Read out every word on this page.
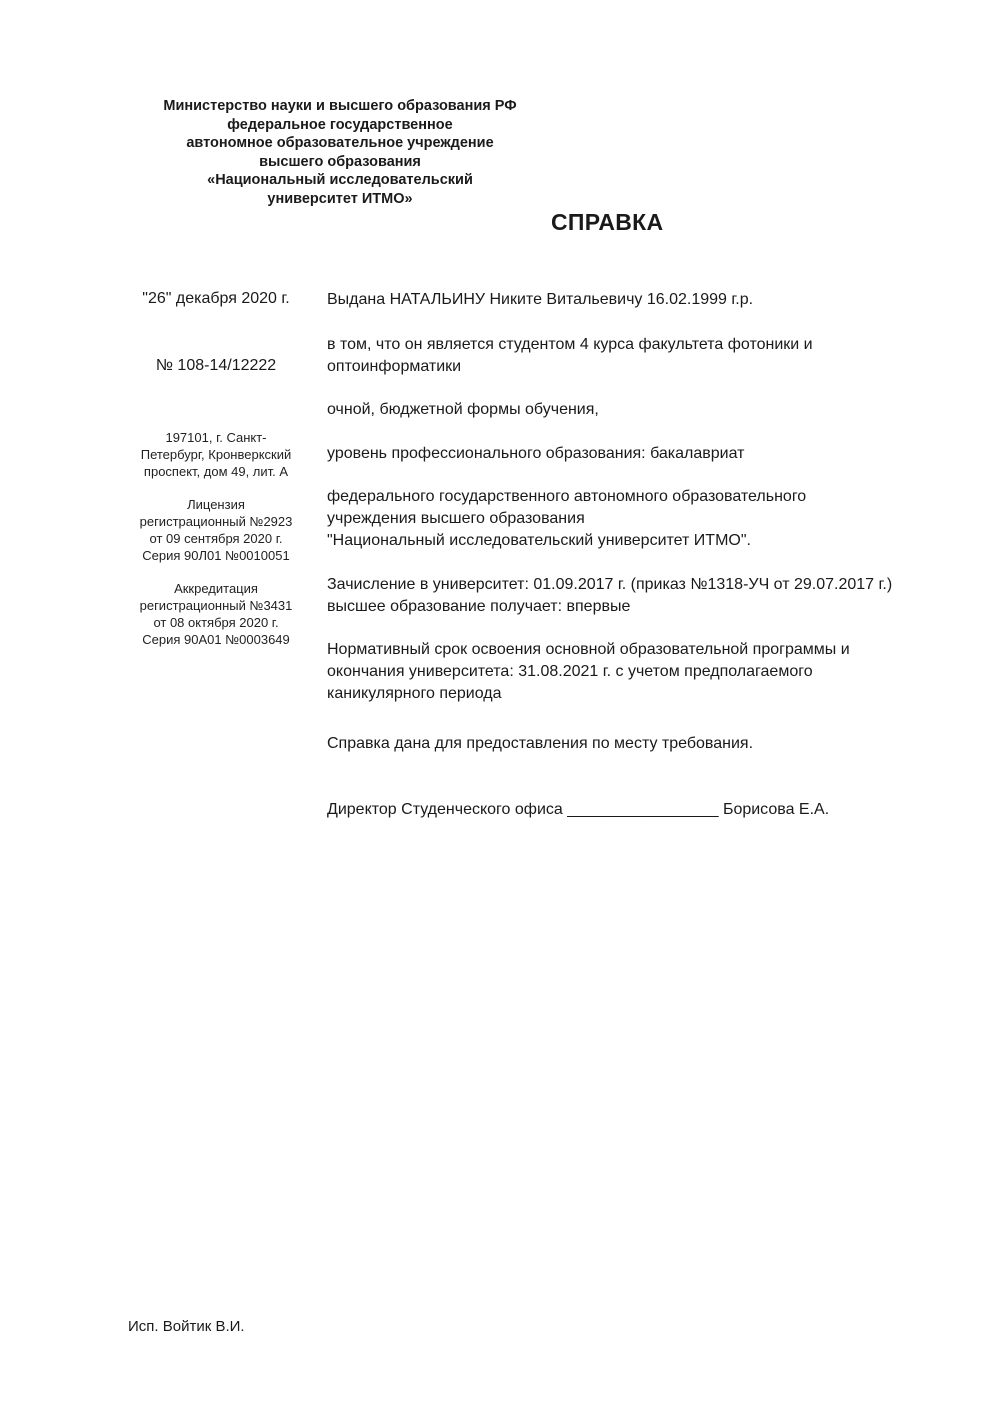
Министерство науки и высшего образования РФ
федеральное государственное
автономное образовательное учреждение
высшего образования
«Национальный исследовательский
университет ИТМО»
СПРАВКА
"26" декабря 2020 г.
№ 108-14/12222
197101, г. Санкт-
Петербург, Кронверкский
проспект, дом 49, лит. А
Лицензия
регистрационный №2923
от 09 сентября 2020 г.
Серия 90Л01 №0010051
Аккредитация
регистрационный №3431
от 08 октября 2020 г.
Серия 90А01 №0003649
Выдана НАТАЛЬИНУ Никите Витальевичу 16.02.1999 г.р.
в том, что он является студентом 4 курса факультета фотоники и
оптоинформатики
очной, бюджетной формы обучения,
уровень профессионального образования: бакалавриат
федерального государственного автономного образовательного
учреждения высшего образования
"Национальный исследовательский университет ИТМО".
Зачисление в университет: 01.09.2017 г. (приказ №1318-УЧ от 29.07.2017 г.)
высшее образование получает: впервые
Нормативный срок освоения основной образовательной программы и
окончания университета: 31.08.2021 г. с учетом предполагаемого
каникулярного периода
Справка дана для предоставления по месту требования.
Директор Студенческого офиса _________________ Борисова Е.А.
Исп. Войтик В.И.
